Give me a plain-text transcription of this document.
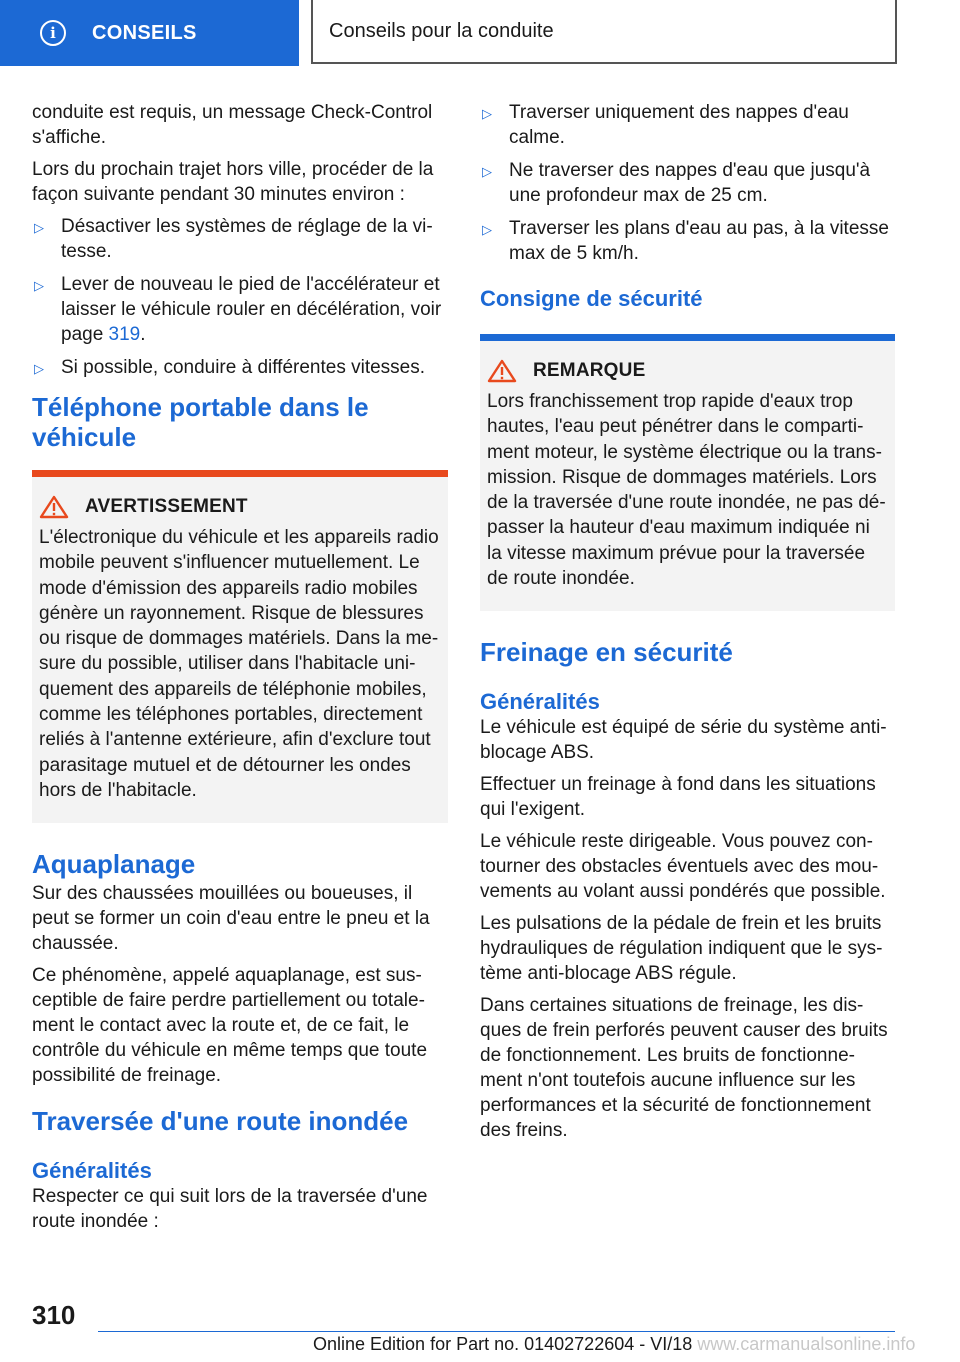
i	CONSEILS	Conseils pour la conduite

conduite est requis, un message Check-Control s'affiche.

Lors du prochain trajet hors ville, procéder de la façon suivante pendant 30 minutes environ :

▷ Désactiver les systèmes de réglage de la vi-tesse.
▷ Lever de nouveau le pied de l'accélérateur et laisser le véhicule rouler en décélération, voir page 319.
▷ Si possible, conduire à différentes vitesses.
Téléphone portable dans le véhicule
AVERTISSEMENT

L'électronique du véhicule et les appareils radio mobile peuvent s'influencer mutuellement. Le mode d'émission des appareils radio mobiles génère un rayonnement. Risque de blessures ou risque de dommages matériels. Dans la me-sure du possible, utiliser dans l'habitacle uni-quement des appareils de téléphonie mobiles, comme les téléphones portables, directement reliés à l'antenne extérieure, afin d'exclure tout parasitage mutuel et de détourner les ondes hors de l'habitacle.

Aquaplanage

Sur des chaussées mouillées ou boueuses, il peut se former un coin d'eau entre le pneu et la chaussée.

Ce phénomène, appelé aquaplanage, est sus-ceptible de faire perdre partiellement ou totale-ment le contact avec la route et, de ce fait, le contrôle du véhicule en même temps que toute possibilité de freinage.

Traversée d'une route inondée
Généralités

Respecter ce qui suit lors de la traversée d'une route inondée :

▷ Traverser uniquement des nappes d'eau calme.
▷ Ne traverser des nappes d'eau que jusqu'à une profondeur max de 25 cm.
▷ Traverser les plans d'eau au pas, à la vitesse max de 5 km/h.
Consigne de sécurité
REMARQUE

Lors franchissement trop rapide d'eaux trop hautes, l'eau peut pénétrer dans le comparti-ment moteur, le système électrique ou la trans-mission. Risque de dommages matériels. Lors de la traversée d'une route inondée, ne pas dé-passer la hauteur d'eau maximum indiquée ni la vitesse maximum prévue pour la traversée de route inondée.

Freinage en sécurité
Généralités

Le véhicule est équipé de série du système anti-blocage ABS.

Effectuer un freinage à fond dans les situations qui l'exigent.

Le véhicule reste dirigeable. Vous pouvez con-tourner des obstacles éventuels avec des mou-vements au volant aussi pondérés que possible.

Les pulsations de la pédale de frein et les bruits hydrauliques de régulation indiquent que le sys-tème anti-blocage ABS régule.

Dans certaines situations de freinage, les dis-ques de frein perforés peuvent causer des bruits de fonctionnement. Les bruits de fonctionne-ment n'ont toutefois aucune influence sur les performances et la sécurité de fonctionnement des freins.

310
Online Edition for Part no. 01402722604 - VI/18 www.carmanualsonline.info
